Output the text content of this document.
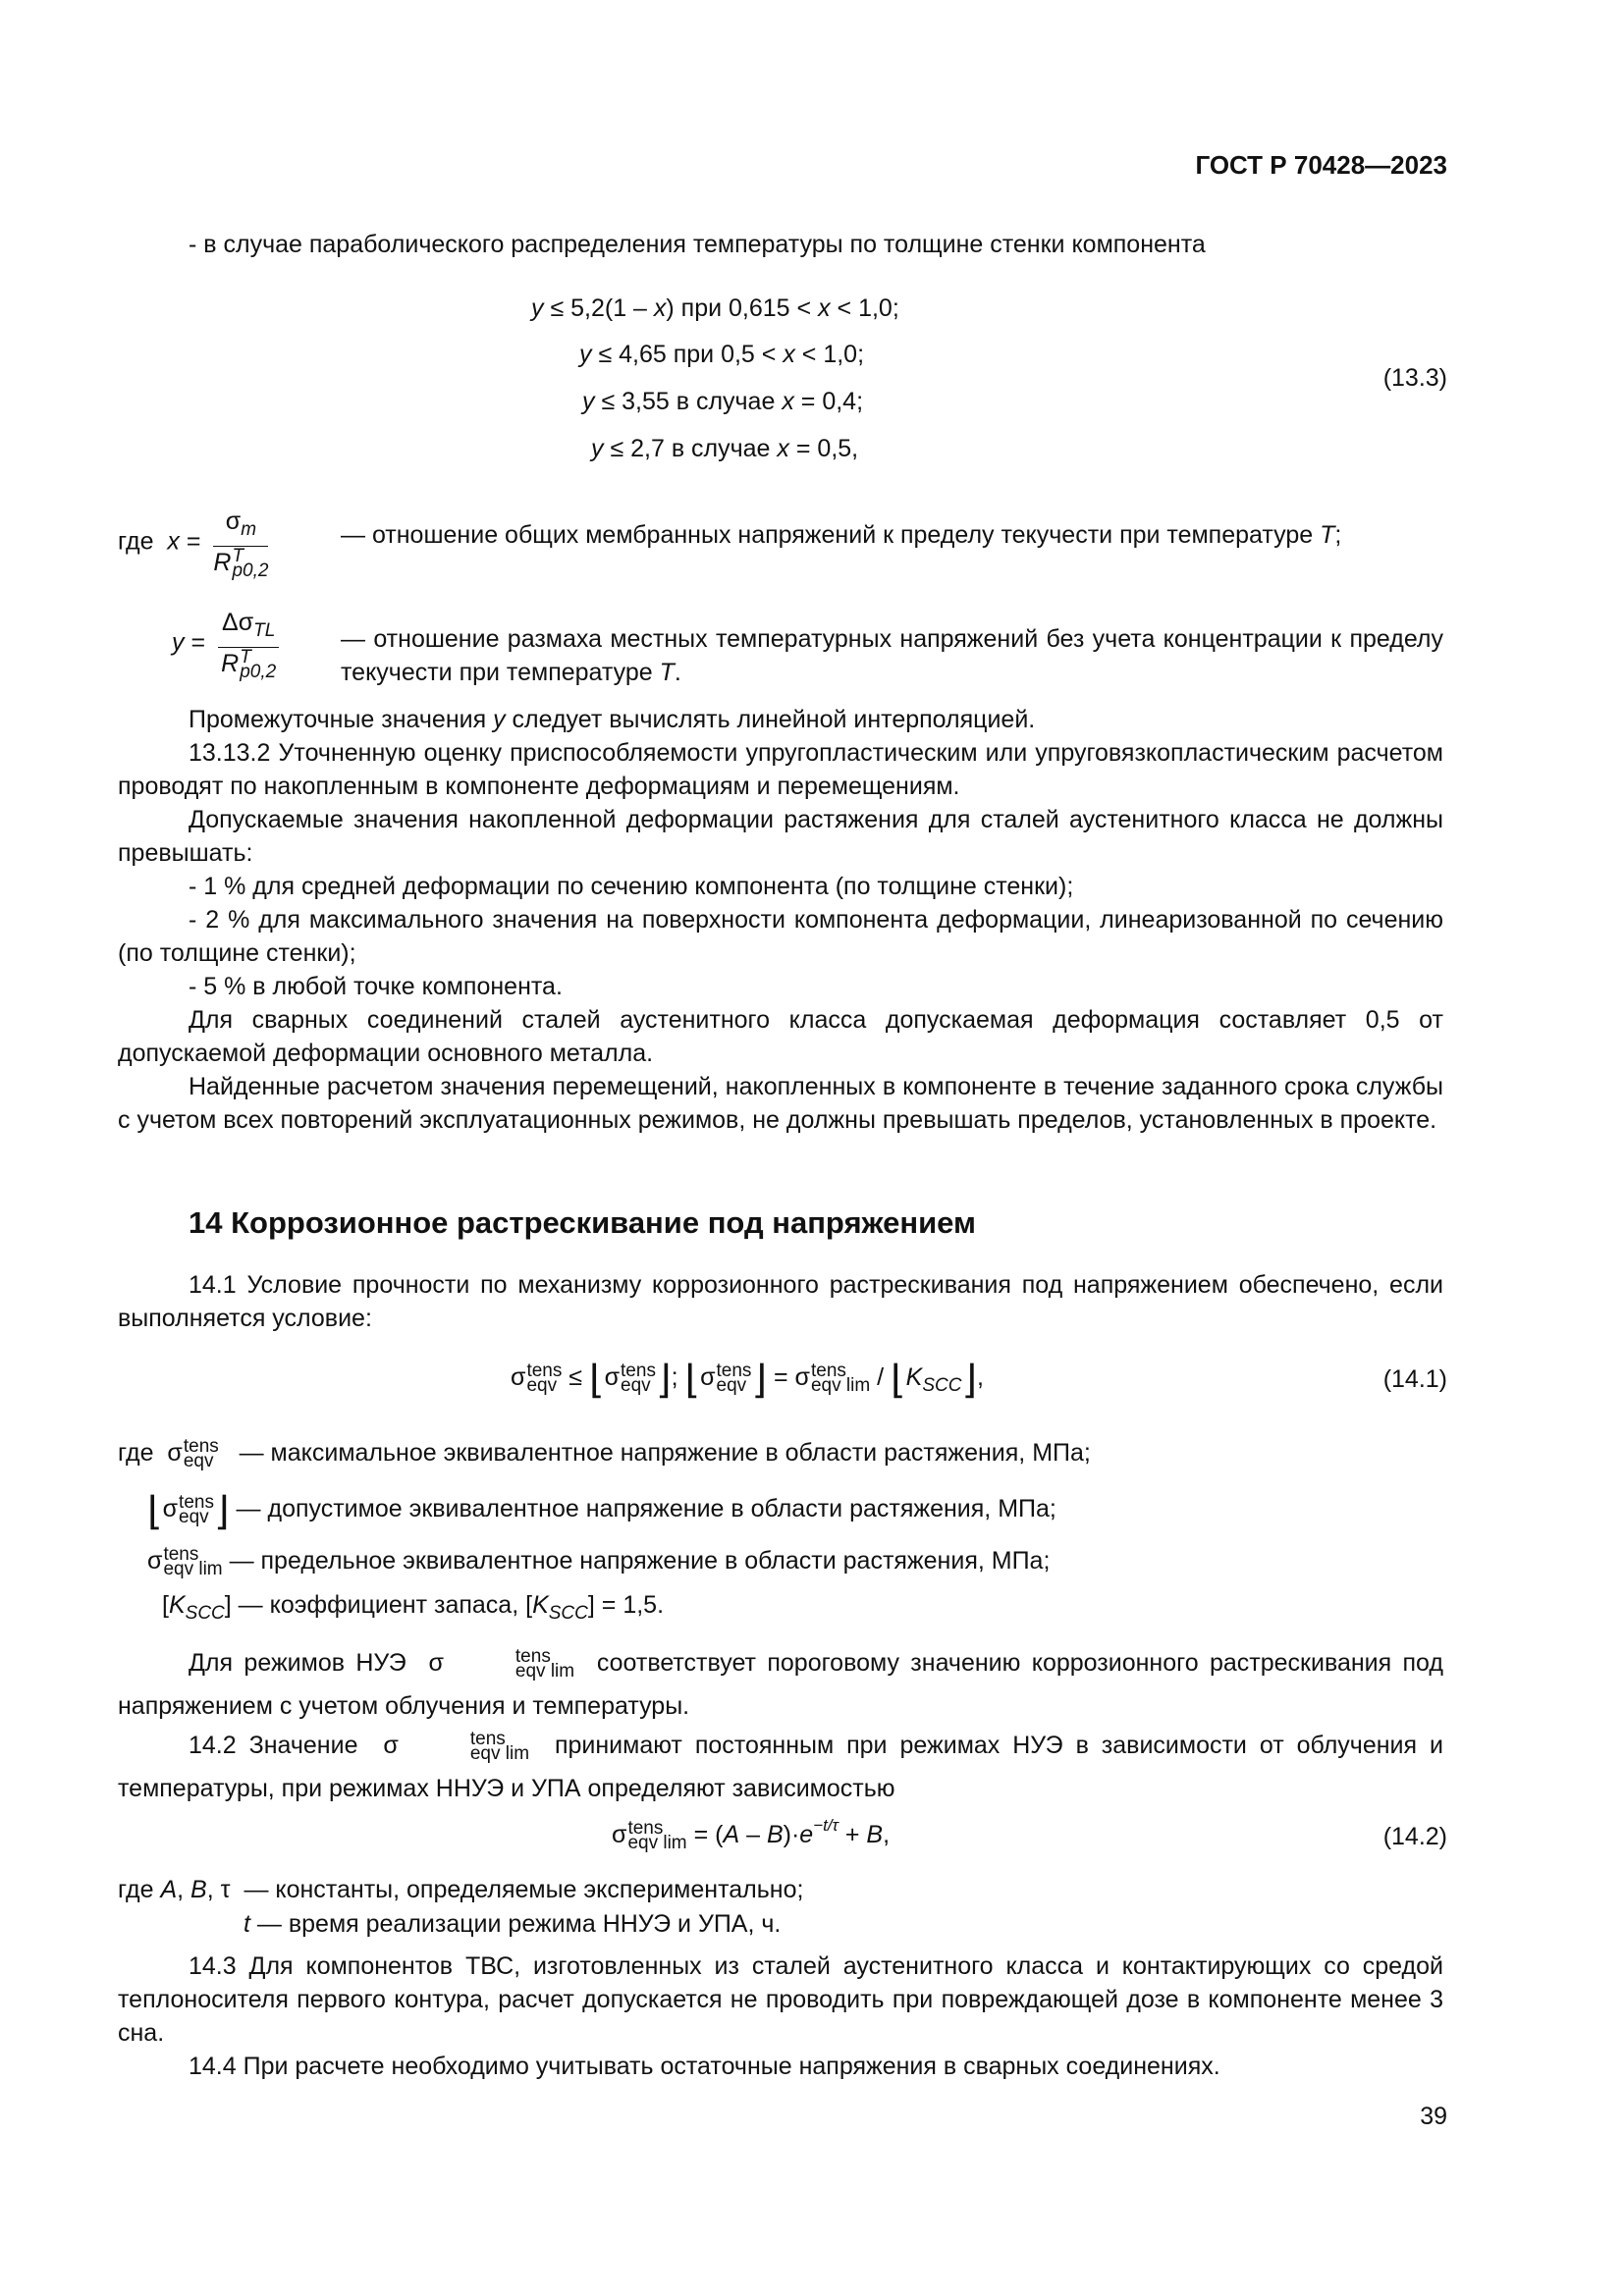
ГОСТ Р 70428—2023
- в случае параболического распределения температуры по толщине стенки компонента
y ≤ 5,2(1 – x) при 0,615 < x < 1,0;
y ≤ 4,65 при 0,5 < x < 1,0;
y ≤ 3,55 в случае x = 0,4;
y ≤ 2,7 в случае x = 0,5,
(13.3)
где $x = \sigma_m$
R T
p0,2	— отношение общих мембранных напряжений к пределу текучести при температуре T;
$y = \Delta\sigma_{TL}$
R T
p0,2	— отношение размаха местных температурных напряжений без учета концентрации к пределу текучести при температуре T.
Промежуточные значения y следует вычислять линейной интерполяцией.
13.13.2 Уточненную оценку приспособляемости упругопластическим или упруговязкопластическим расчетом проводят по накопленным в компоненте деформациям и перемещениям.
Допускаемые значения накопленной деформации растяжения для сталей аустенитного класса не должны превышать:
- 1 % для средней деформации по сечению компонента (по толщине стенки);
- 2 % для максимального значения на поверхности компонента деформации, линеаризованной по сечению (по толщине стенки);
- 5 % в любой точке компонента.
Для сварных соединений сталей аустенитного класса допускаемая деформация составляет 0,5 от допускаемой деформации основного металла.
Найденные расчетом значения перемещений, накопленных в компоненте в течение заданного срока службы с учетом всех повторений эксплуатационных режимов, не должны превышать пределов, установленных в проекте.
14 Коррозионное растрескивание под напряжением
14.1 Условие прочности по механизму коррозионного растрескивания под напряжением обеспечено, если выполняется условие:
σ tens
eqv ≤ ⌊σ tens
eqv ⌋; ⌊σ tens
eqv ⌋ = σ tens
eqv lim / $⌊K_{SCC}⌋$,	(14.1)
где σ tens
eqv — максимальное эквивалентное напряжение в области растяжения, МПа;
⌊σ tens
eqv ⌋ — допустимое эквивалентное напряжение в области растяжения, МПа;
σ tens
eqv lim — предельное эквивалентное напряжение в области растяжения, МПа;
$[K_{SCC}]$ — коэффициент запаса, $[K_{SCC}] = 1,5$.
Для режимов НУЭ σ	tens
eqv lim соответствует пороговому значению коррозионного растрескивания под напряжением с учетом облучения и температуры.
14.2 Значение σ	tens
eqv lim принимают постоянным при режимах НУЭ в зависимости от облучения и температуры, при режимах ННУЭ и УПА определяют зависимостью
σ tens
eqv $\lim = (A - B)\cdot e^{-t/\tau} + B$,	(14.2)
где A, B, τ — константы, определяемые экспериментально;
t — время реализации режима ННУЭ и УПА, ч.
14.3 Для компонентов ТВС, изготовленных из сталей аустенитного класса и контактирующих со средой теплоносителя первого контура, расчет допускается не проводить при повреждающей дозе в компоненте менее 3 сна.
14.4 При расчете необходимо учитывать остаточные напряжения в сварных соединениях.
39
